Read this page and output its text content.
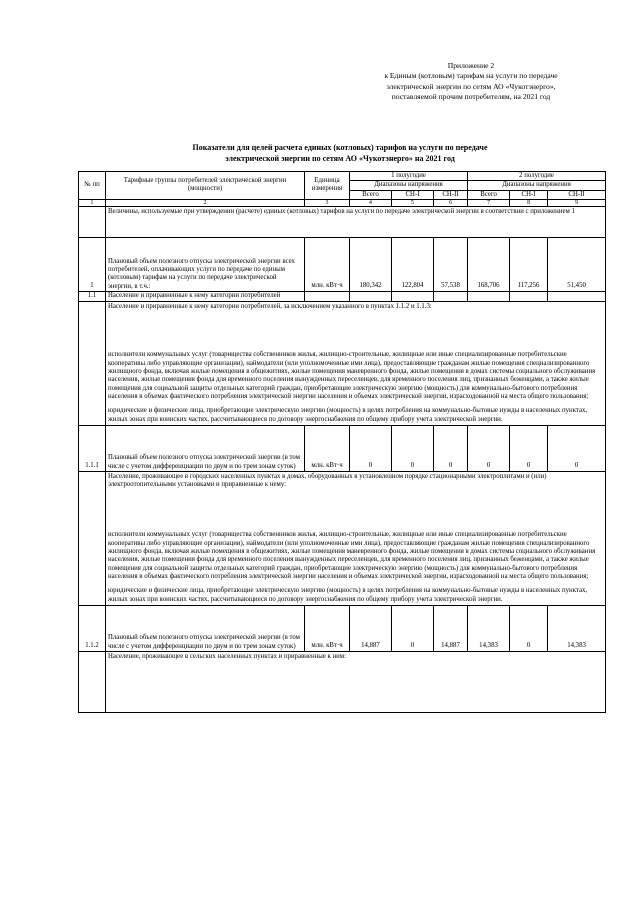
Приложение 2
к Единым (котловым) тарифам на услуги по передаче
электрической энергии по сетям АО «Чукотэнерго»,
поставляемой прочим потребителям, на 2021 год
Показатели для целей расчета единых (котловых) тарифов на услуги по передаче
электрической энергии по сетям АО «Чукотэнерго» на 2021 год
№ пп	Тарифные группы потребителей электрической энергии (мощности)	Единица измерения	1 полугодие			2 полугодие		
			Диапазоны напряжения			Диапазоны напряжения		
			Всего	СН-I	СН-II	Всего	СН-I	СН-II
1	2	3	4	5	6	7	8	9
	Величины, используемые при утверждении (расчете) единых (котловых) тарифов на услуги по передаче электрической энергии в соответствии с приложением 1							
1	Плановый объем полезного отпуска электрической энергии всех потребителей, оплачивающих услуги по передаче по единым (котловым) тарифам на услуги по передаче электрической энергии, в т.ч.:	млн. кВт·ч	180,342	122,804	57,538	168,706	117,256	51,450
1.1	Население и приравненные к нему категории потребителей							

	Население и приравненные к нему категории потребителей, за исключением указанного в пунктах 1.1.2 и 1.1.3:

исполнители коммунальных услуг (товарищества собственников жилья, жилищно-строительные, жилищные или иные специализированные потребительские кооперативы либо управляющие организации), наймодатели (или уполномоченные ими лица), предоставляющие гражданам жилые помещения специализированного жилищного фонда, включая жилые помещения в общежитиях, жилые помещения маневренного фонда, жилые помещения в домах системы социального обслуживания населения, жилые помещения фонда для временного поселения вынужденных переселенцев, для временного поселения лиц, признанных беженцами, а также жилые помещения для социальной защиты отдельных категорий граждан, приобретающие электрическую энергию (мощность) для коммунально-бытового потребления населения в объемах фактического потребления электрической энергии населения и объемах электрической энергии, израсходованной на места общего пользования;

юридические и физические лица, приобретающие электрическую энергию (мощность) в целях потребления на коммунально-бытовые нужды в населенных пунктах, жилых зонах при воинских частях, рассчитывающиеся по договору энергоснабжения по общему прибору учета электрической энергии.							

1.1.1	Плановый объем полезного отпуска электрической энергии (в том числе с учетом дифференциации по двум и по трем зонам суток)	млн. кВт·ч	0	0	0	0	0	0

	Население, проживающее в городских населенных пунктах в домах, оборудованных в установленном порядке стационарными электроплитами и (или) электроотопительными установками и приравненные к нему:

исполнители коммунальных услуг (товарищества собственников жилья, жилищно-строительные, жилищные или иные специализированные потребительские кооперативы либо управляющие организации), наймодатели (или уполномоченные ими лица), предоставляющие гражданам жилые помещения специализированного жилищного фонда, включая жилые помещения в общежитиях, жилые помещения маневренного фонда, жилые помещения в домах системы социального обслуживания населения, жилые помещения фонда для временного поселения вынужденных переселенцев, для временного поселения лиц, признанных беженцами, а также жилые помещения для социальной защиты отдельных категорий граждан, приобретающие электрическую энергию (мощность) для коммунально-бытового потребления населения в объемах фактического потребления электрической энергии населения и объемах электрической энергии, израсходованной на места общего пользования;

юридические и физические лица, приобретающие электрическую энергию (мощность) в целях потребления на коммунально-бытовые нужды в населенных пунктах, жилых зонах при воинских частях, рассчитывающиеся по договору энергоснабжения по общему прибору учета электрической энергии.							

1.1.2	Плановый объем полезного отпуска электрической энергии (в том числе с учетом дифференциации по двум и по трем зонам суток)	млн. кВт·ч	14,887	0	14,887	14,383	0	14,383
	Население, проживающее в сельских населенных пунктах и приравненные к ним:							
